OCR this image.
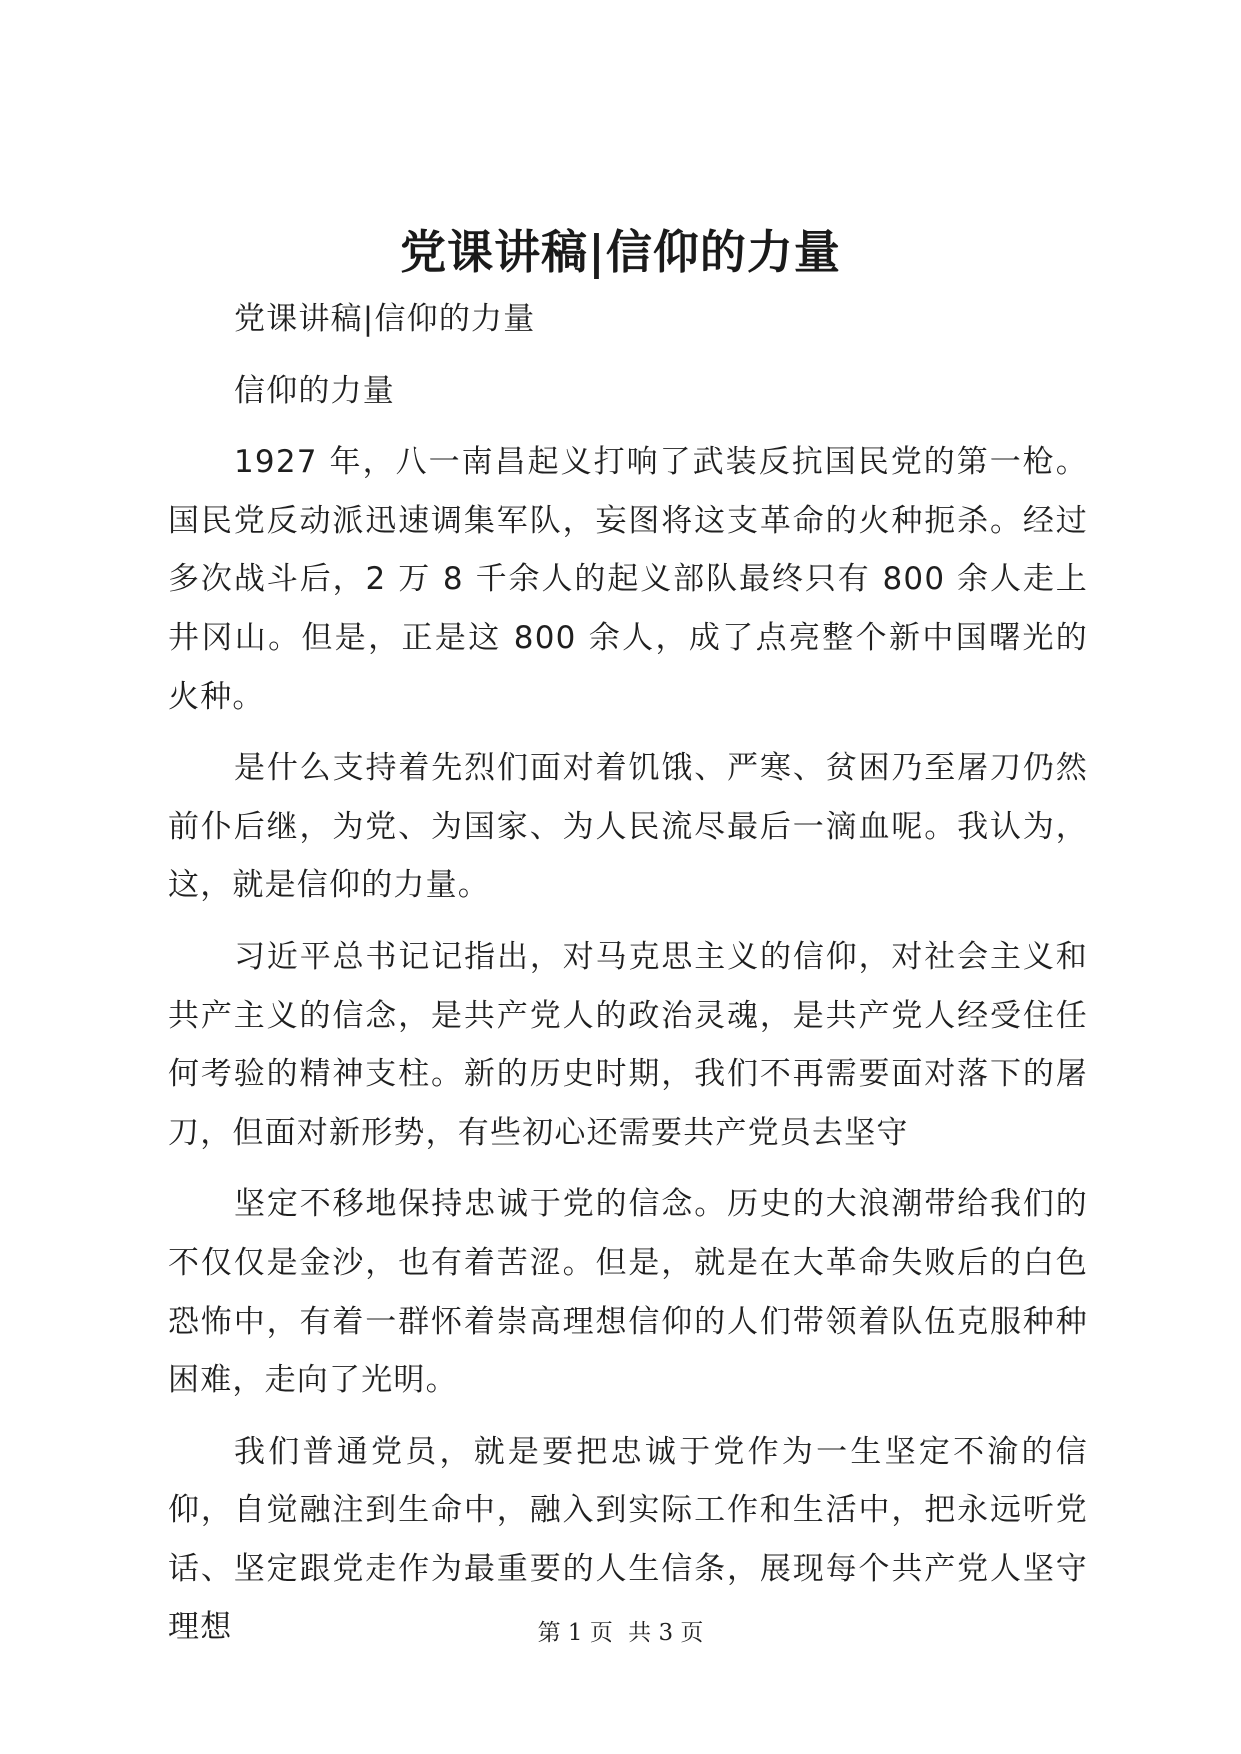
党课讲稿|信仰的力量

党课讲稿|信仰的力量

信仰的力量

1927 年，八一南昌起义打响了武装反抗国民党的第一枪。国民党反动派迅速调集军队，妄图将这支革命的火种扼杀。经过多次战斗后，2 万 8 千余人的起义部队最终只有 800 余人走上井冈山。但是，正是这 800 余人，成了点亮整个新中国曙光的火种。

是什么支持着先烈们面对着饥饿、严寒、贫困乃至屠刀仍然前仆后继，为党、为国家、为人民流尽最后一滴血呢。我认为，这，就是信仰的力量。

习近平总书记记指出，对马克思主义的信仰，对社会主义和共产主义的信念，是共产党人的政治灵魂，是共产党人经受住任何考验的精神支柱。新的历史时期，我们不再需要面对落下的屠刀，但面对新形势，有些初心还需要共产党员去坚守

坚定不移地保持忠诚于党的信念。历史的大浪潮带给我们的不仅仅是金沙，也有着苦涩。但是，就是在大革命失败后的白色恐怖中，有着一群怀着崇高理想信仰的人们带领着队伍克服种种困难，走向了光明。

我们普通党员，就是要把忠诚于党作为一生坚定不渝的信仰，自觉融注到生命中，融入到实际工作和生活中，把永远听党话、坚定跟党走作为最重要的人生信条，展现每个共产党人坚守理想	第 1 页 共 3 页
